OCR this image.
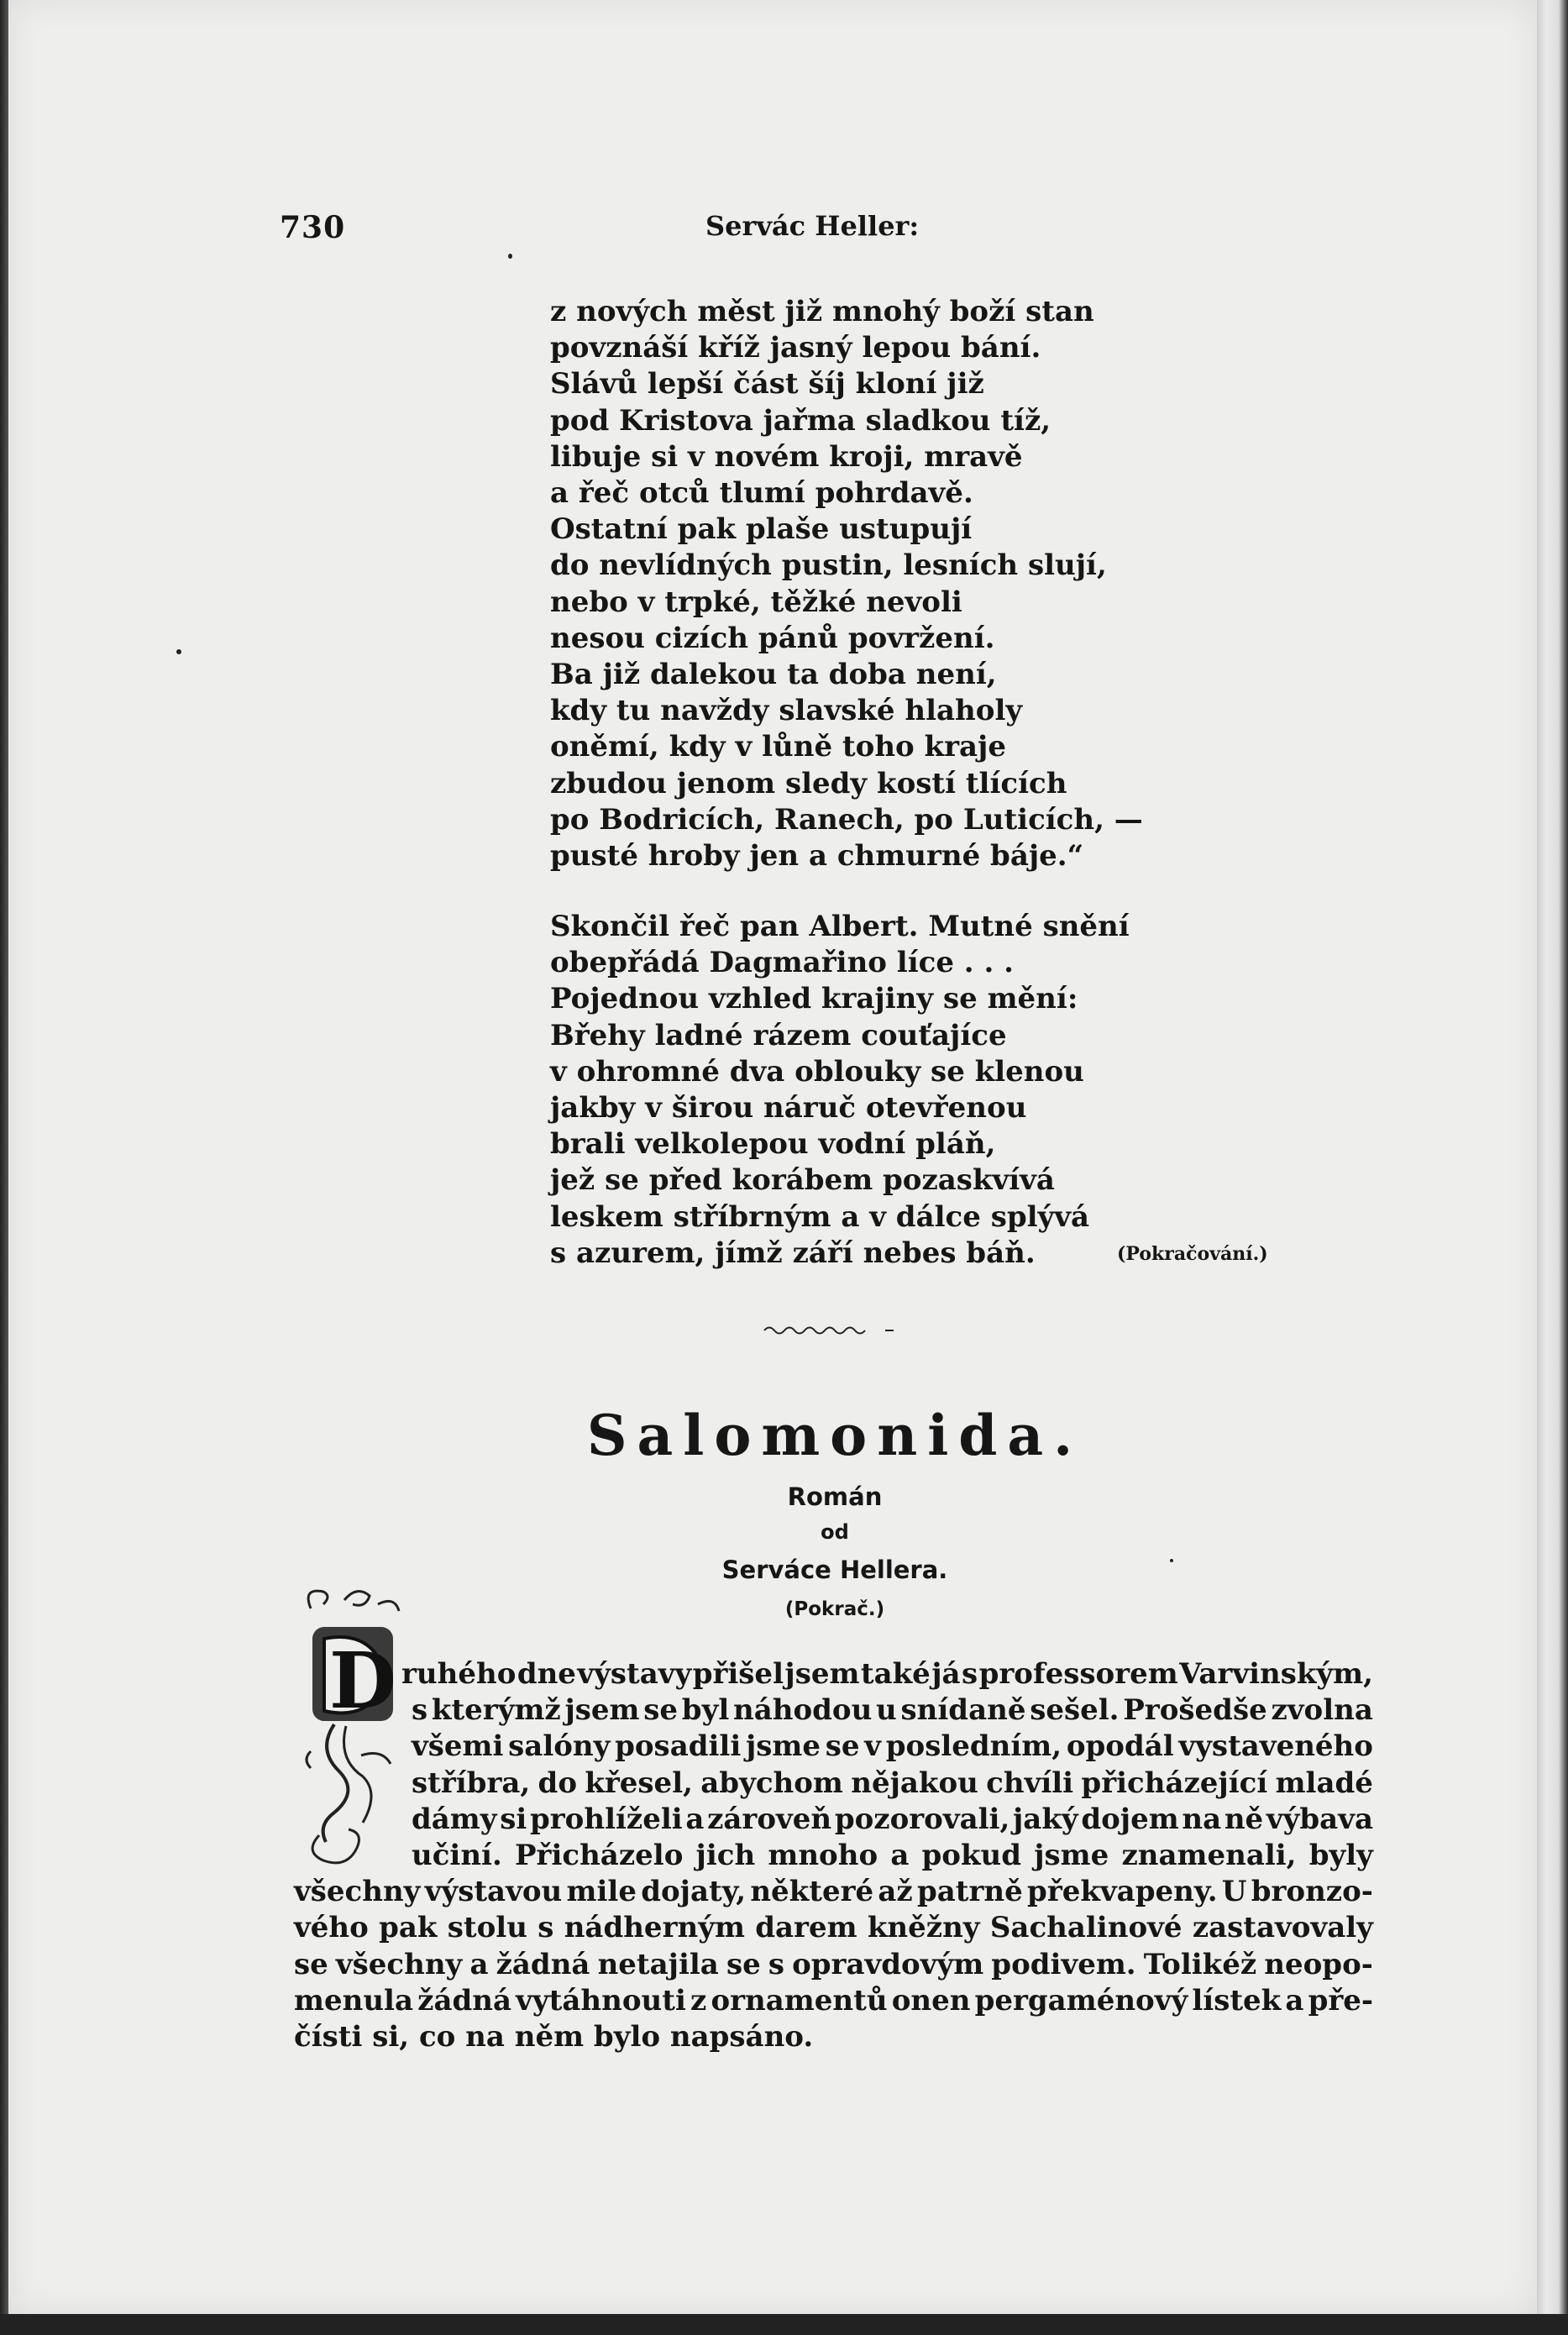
730	Servác Heller:
z nových měst již mnohý boží stan
povznáší kříž jasný lepou bání.
Slávů lepší část šíj kloní již
pod Kristova jařma sladkou tíž,
libuje si v novém kroji, mravě
a řeč otců tlumí pohrdavě.
Ostatní pak plaše ustupují
do nevlídných pustin, lesních slují,
nebo v trpké, těžké nevoli
nesou cizích pánů povržení.
Ba již dalekou ta doba není,
kdy tu navždy slavské hlaholy
oněmí, kdy v lůně toho kraje
zbudou jenom sledy kostí tlících
po Bodricích, Ranech, po Luticích, —
pusté hroby jen a chmurné báje.“
Skončil řeč pan Albert. Mutné snění
obepřádá Dagmařino líce . . .
Pojednou vzhled krajiny se mění:
Břehy ladné rázem couťajíce
v ohromné dva oblouky se klenou
jakby v širou náruč otevřenou
brali velkolepou vodní pláň,
jež se před korábem pozaskvívá
leskem stříbrným a v dálce splývá
s azurem, jímž září nebes báň.	(Pokračování.)
Salomonida.
Román
od
Serváce Hellera.
(Pokrač.)
D ruhého dne výstavy přišel jsem také já s professorem Varvinským,
s kterýmž jsem se byl náhodou u snídaně sešel. Prošedše zvolna
všemi salóny posadili jsme se v posledním, opodál vystaveného
stříbra, do křesel, abychom nějakou chvíli přicházející mladé
dámy si prohlíželi a zároveň pozorovali, jaký dojem na ně výbava
učiní. Přicházelo jich mnoho a pokud jsme znamenali, byly
všechny výstavou mile dojaty, některé až patrně překvapeny. U bronzo-
vého pak stolu s nádherným darem kněžny Sachalinové zastavovaly
se všechny a žádná netajila se s opravdovým podivem. Tolikéž neopo-
menula žádná vytáhnouti z ornamentů onen pergaménový lístek a pře-
čísti si, co na něm bylo napsáno.
